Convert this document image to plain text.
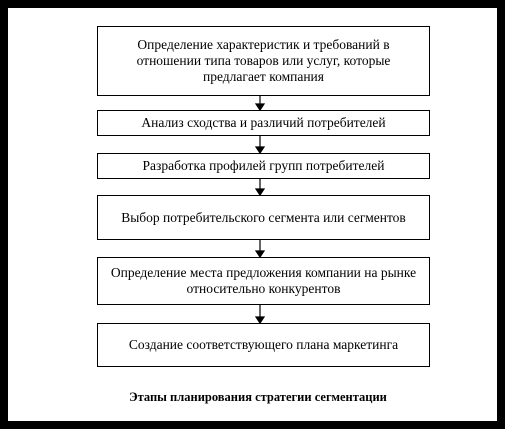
Определение характеристик и требований в отношении типа товаров или услуг, которые предлагает компания
Анализ сходства и различий потребителей
Разработка профилей групп потребителей
Выбор потребительского сегмента или сегментов
Определение места предложения компании на рынке относительно конкурентов
Создание соответствующего плана маркетинга
Этапы планирования стратегии сегментации
